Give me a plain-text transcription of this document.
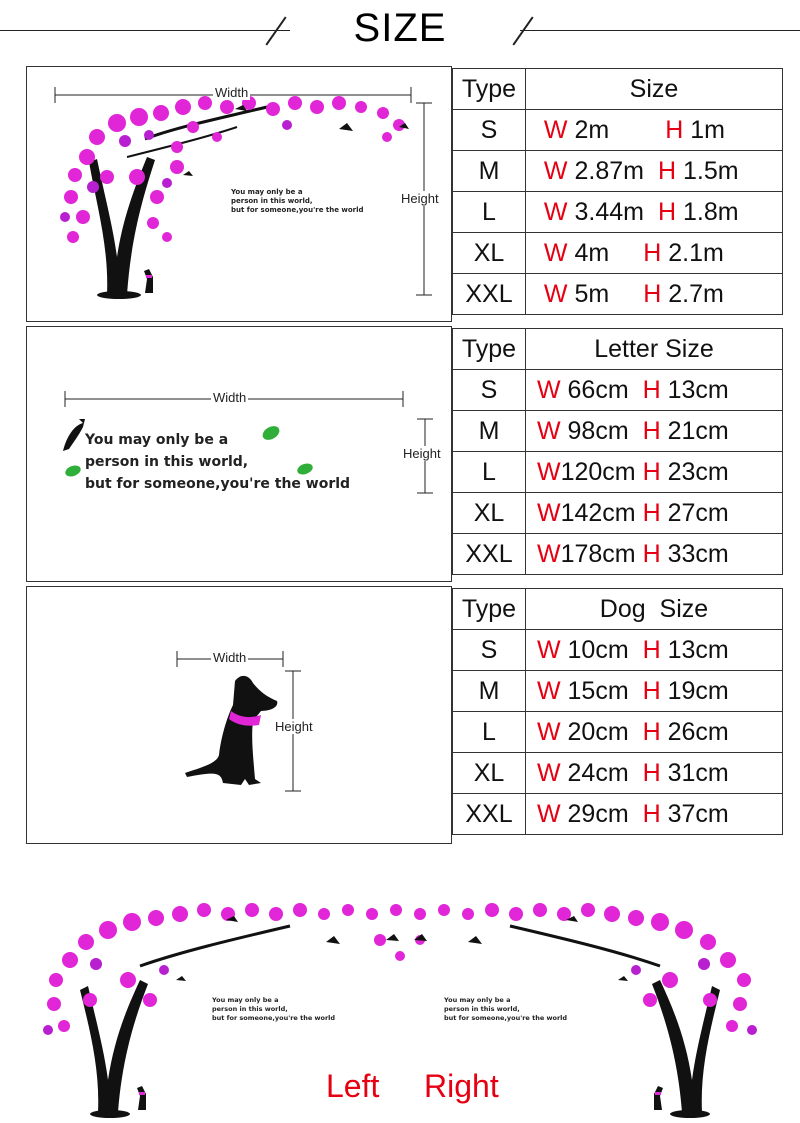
SIZE
Width
Height
You may only be a
person in this world,
but for someone,you're the world
Type	Size
S	W 2m H 1m
M	W 2.87m H 1.5m
L	W 3.44m H 1.8m
XL	W 4m H 2.1m
XXL	W 5m H 2.7m
Width
Height
You may only be a
person in this world,
but for someone,you're the world
Type	Letter Size
S	W 66cm H 13cm
M	W 98cm H 21cm
L	W120cm H 23cm
XL	W142cm H 27cm
XXL	W178cm H 33cm
Width
Height
Type	Dog  Size
S	W 10cm H 13cm
M	W 15cm H 19cm
L	W 20cm H 26cm
XL	W 24cm H 31cm
XXL	W 29cm H 37cm
You may only be a
person in this world,
but for someone,you're the world
You may only be a
person in this world,
but for someone,you're the world
Left Right
